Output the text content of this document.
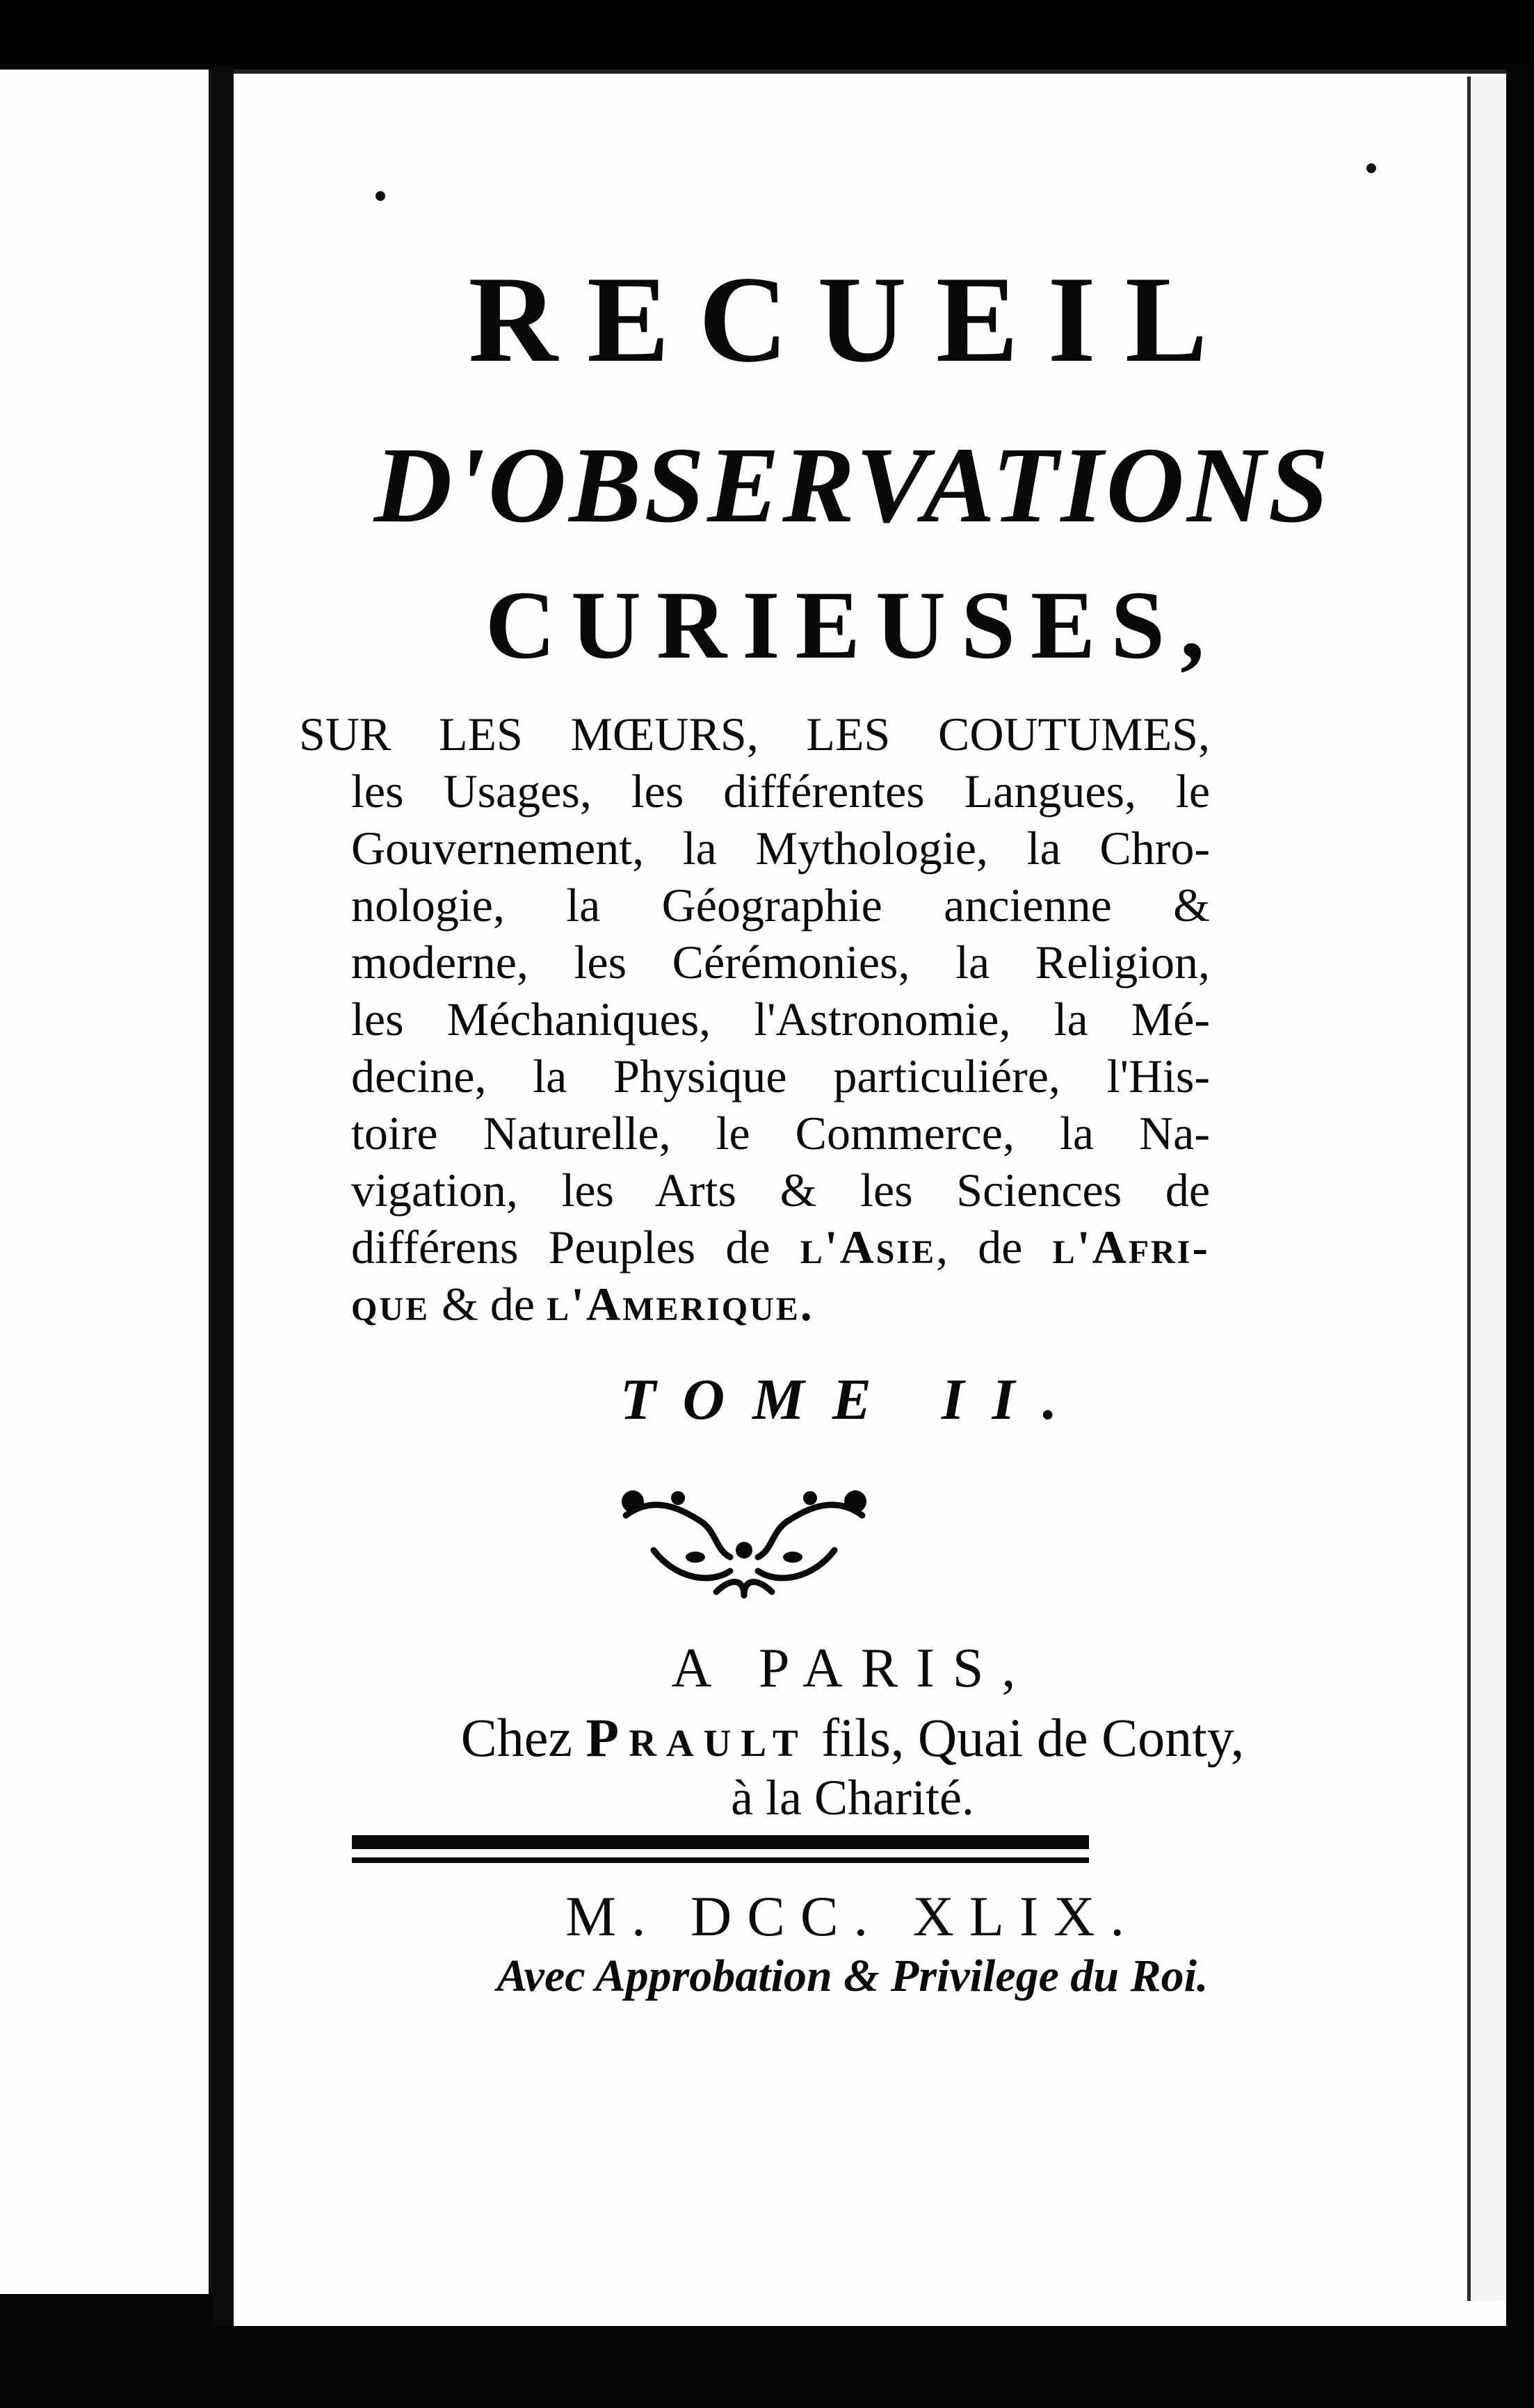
RECUEIL
D'OBSERVATIONS
CURIEUSES,
SUR LES MŒURS, LES COUTUMES,
les Usages, les différentes Langues, le
Gouvernement, la Mythologie, la Chro-
nologie, la Géographie ancienne &
moderne, les Cérémonies, la Religion,
les Méchaniques, l'Astronomie, la Mé-
decine, la Physique particuliére, l'His-
toire Naturelle, le Commerce, la Na-
vigation, les Arts & les Sciences de
différens Peuples de l'Asie, de l'Afri-
que & de l'Amerique.
TOME II.
A PARIS,
Chez Prault fils, Quai de Conty,
à la Charité.
M. DCC. XLIX.
Avec Approbation & Privilege du Roi.
